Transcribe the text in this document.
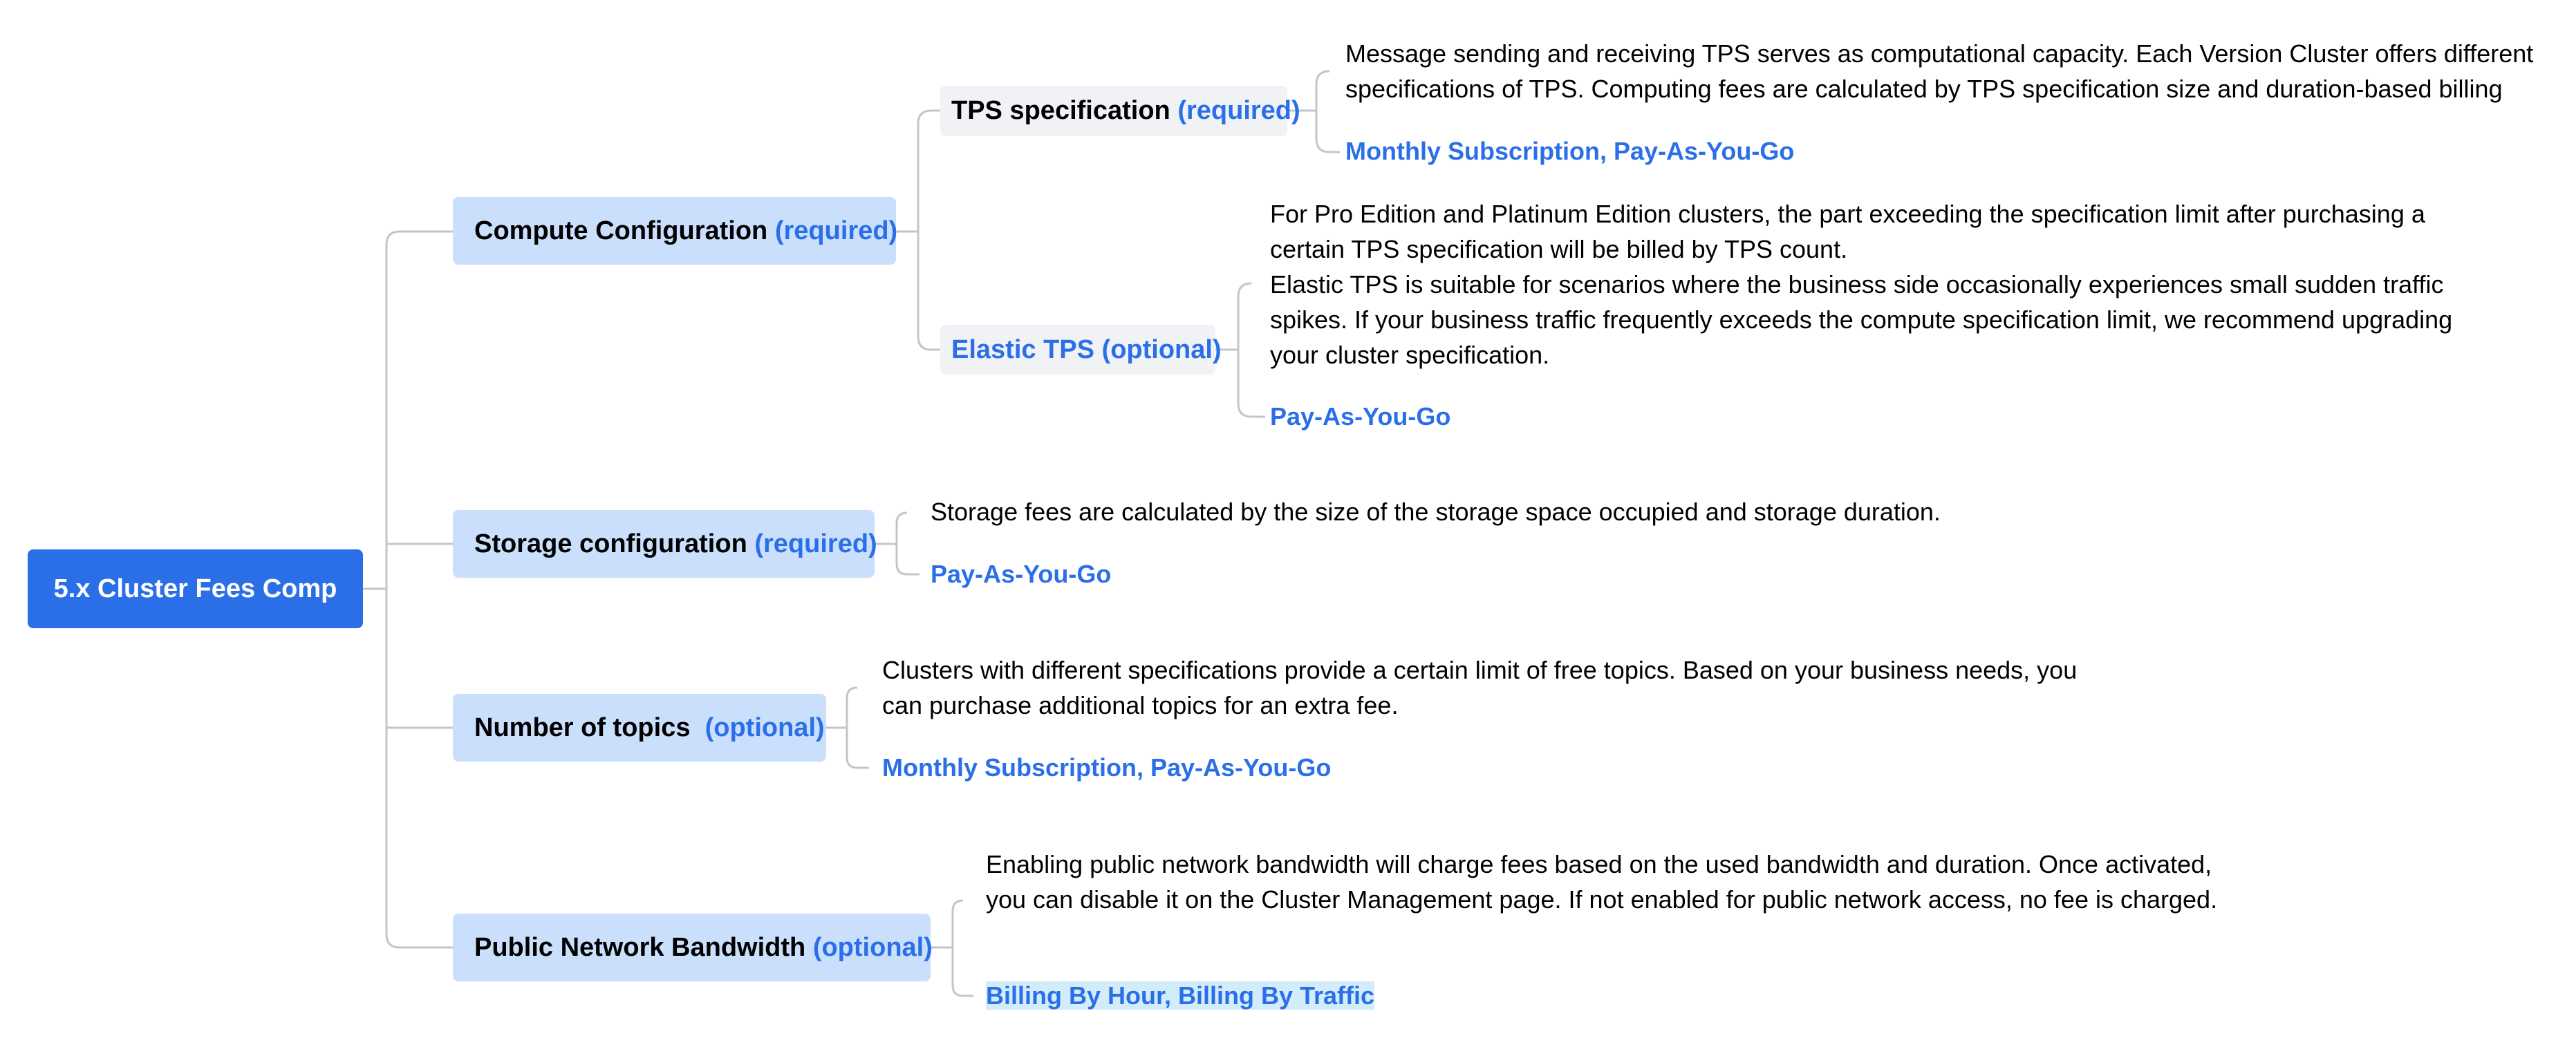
5.x Cluster Fees Comp
Compute Configuration
(required)
TPS specification
(required)
Message sending and receiving TPS serves as computational capacity. Each Version Cluster offers different specifications of TPS. Computing fees are calculated by TPS specification size and duration-based billing
Monthly Subscription, Pay-As-You-Go
Elastic TPS (optional)
For Pro Edition and Platinum Edition clusters, the part exceeding the specification limit after purchasing a certain TPS specification will be billed by TPS count.
Elastic TPS is suitable for scenarios where the business side occasionally experiences small sudden traffic spikes. If your business traffic frequently exceeds the compute specification limit, we recommend upgrading your cluster specification.
Pay-As-You-Go
Storage configuration
(required)
Storage fees are calculated by the size of the storage space occupied and storage duration.
Pay-As-You-Go
Number of topics
(optional)
Clusters with different specifications provide a certain limit of free topics. Based on your business needs, you can purchase additional topics for an extra fee.
Monthly Subscription, Pay-As-You-Go
Public Network Bandwidth
(optional)
Enabling public network bandwidth will charge fees based on the used bandwidth and duration. Once activated, you can disable it on the Cluster Management page. If not enabled for public network access, no fee is charged.
Billing By Hour, Billing By Traffic
